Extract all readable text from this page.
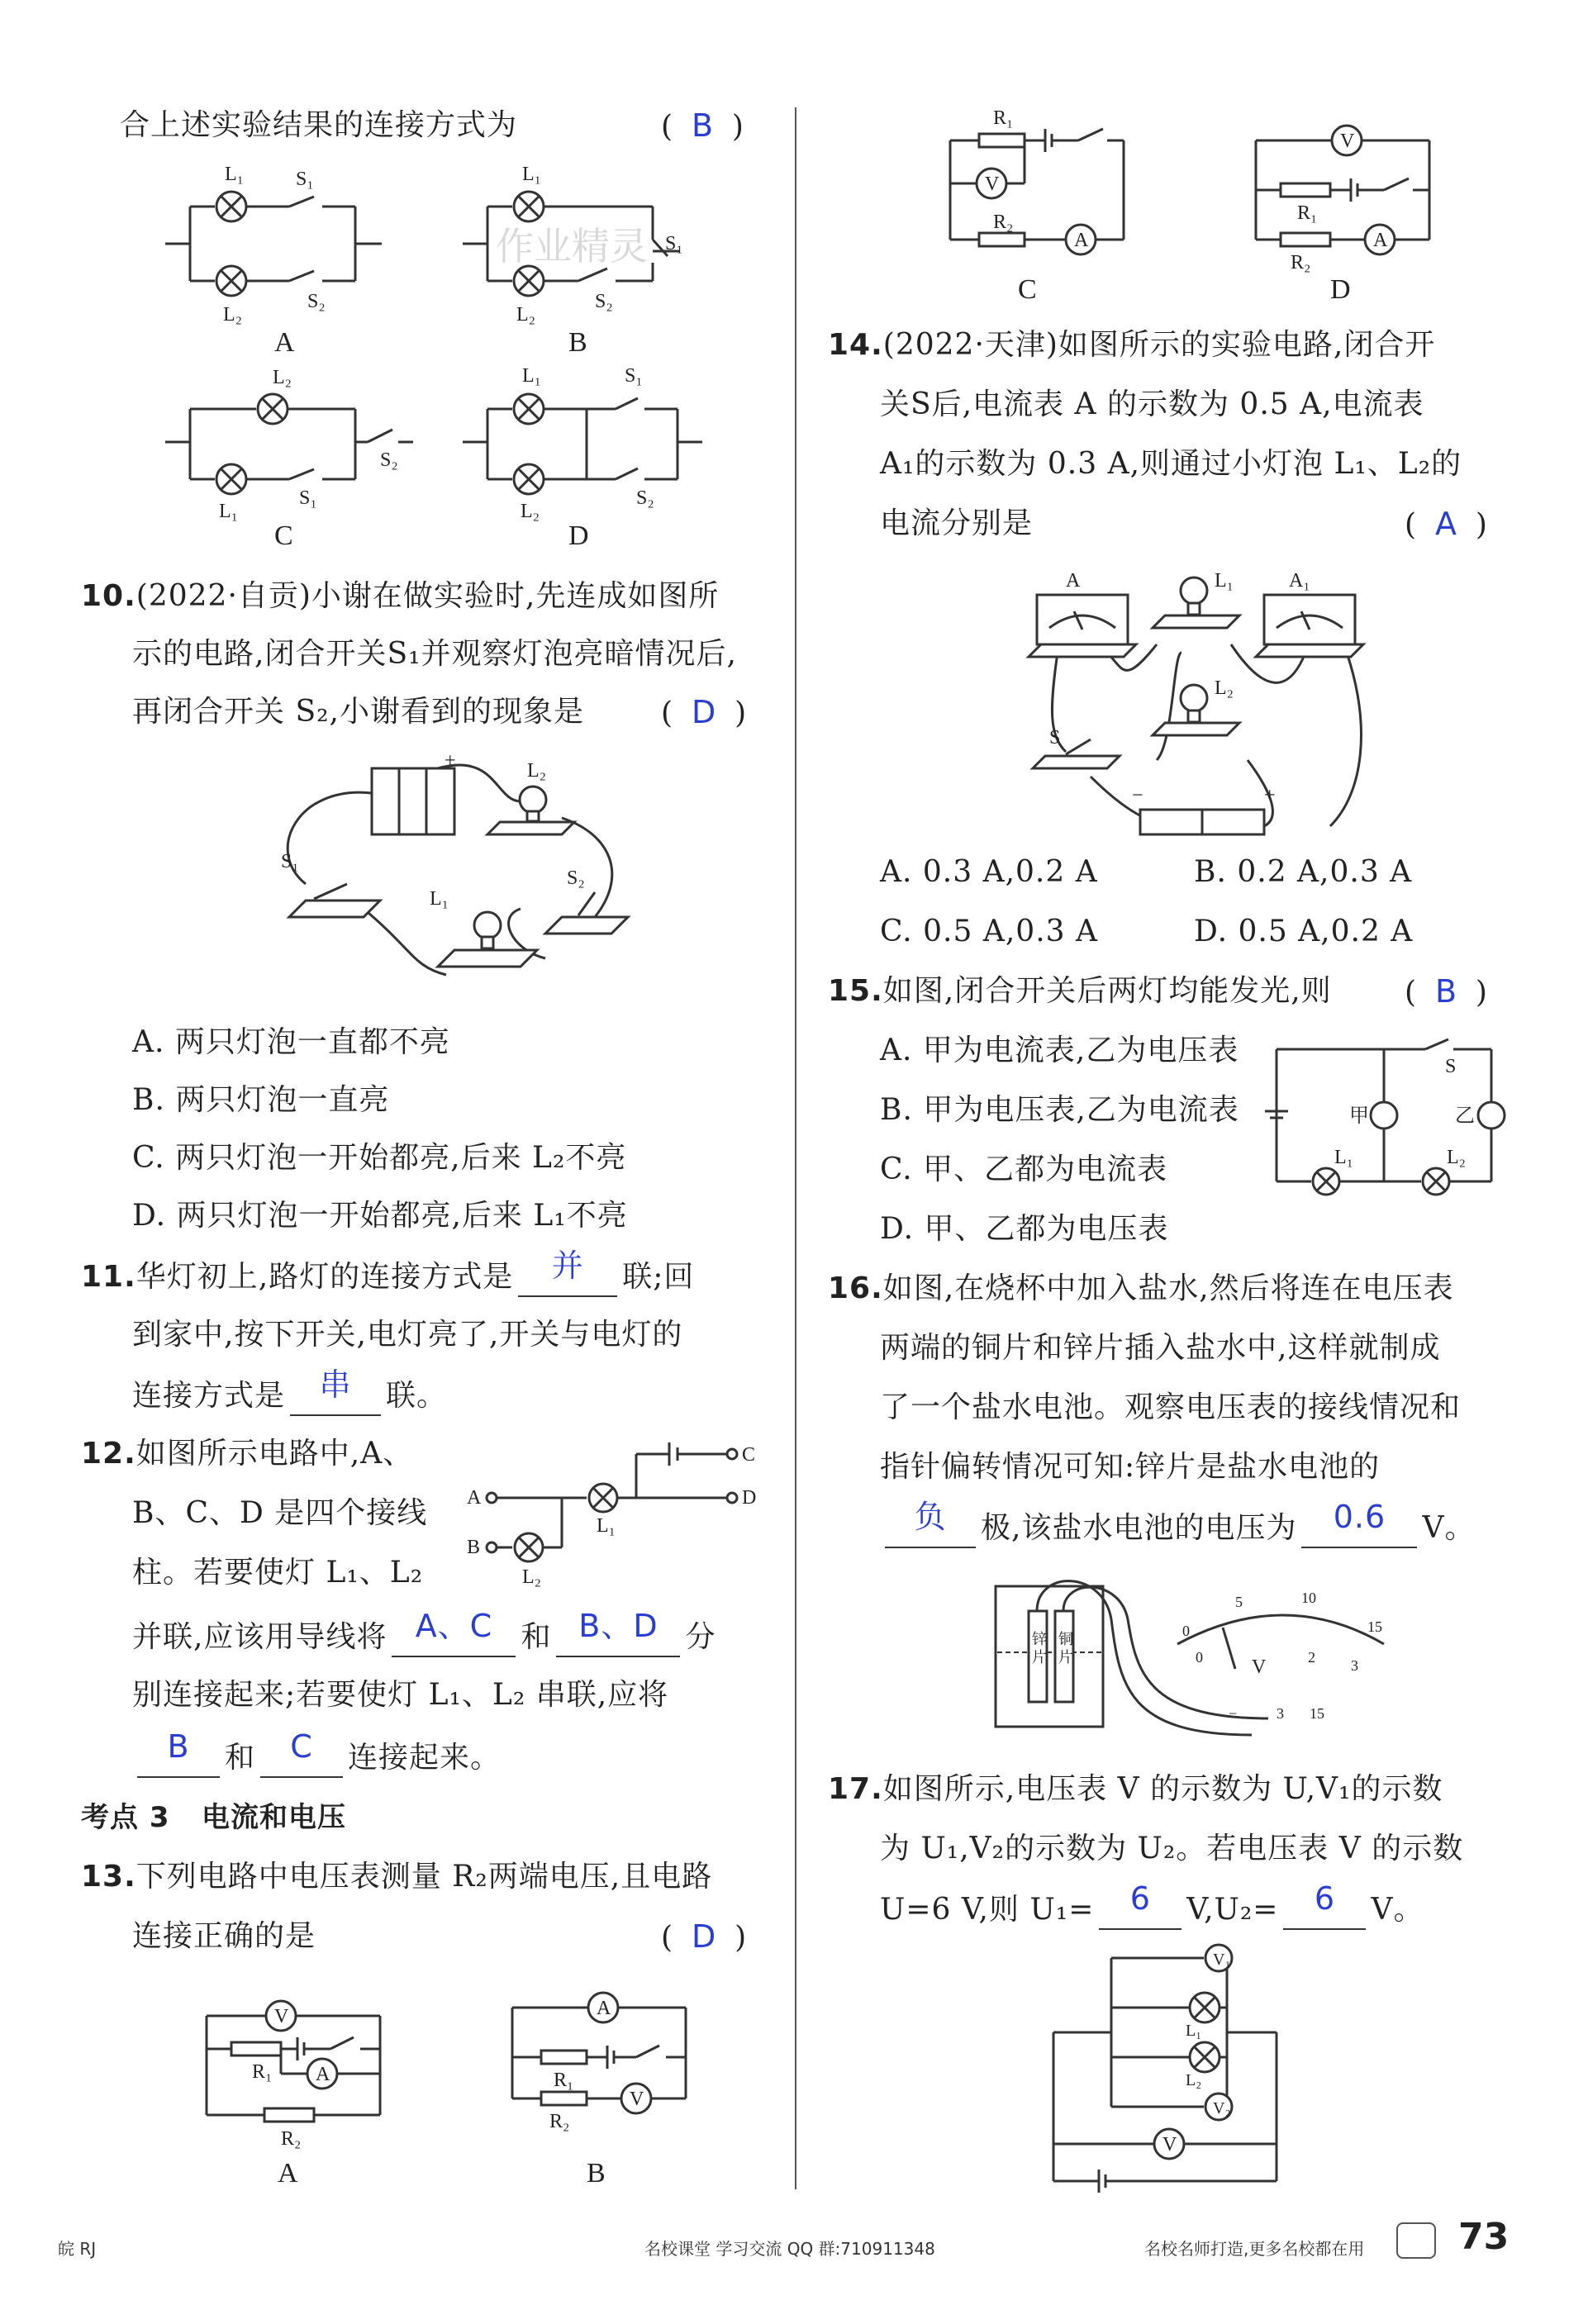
合上述实验结果的连接方式为	(  B  )
L₁	S₁
L₂
S₂
A
L₁
S₁
L₂
S₂
B
作业精灵
L₂
S₂
L₁
S₁
C
L₁	S₁
L₂
S₂
D
10.(2022·自贡)小谢在做实验时,先连成如图所
示的电路,闭合开关S₁并观察灯泡亮暗情况后,
再闭合开关 S₂,小谢看到的现象是	(  D  )
+	L₂
S₁
L₁
S₂
A. 两只灯泡一直都不亮
B. 两只灯泡一直亮
C. 两只灯泡一开始都亮,后来 L₂不亮
D. 两只灯泡一开始都亮,后来 L₁不亮
11.华灯初上,路灯的连接方式是 并 联;回
到家中,按下开关,电灯亮了,开关与电灯的
连接方式是 串 联。
12.如图所示电路中,A、
B、C、D 是四个接线
柱。若要使灯 L₁、L₂
并联,应该用导线将 A、C 和 B、D 分
别连接起来;若要使灯 L₁、L₂ 串联,应将
B 和 C 连接起来。
A
C
D
L₁
B
L₂
考点 3 电流和电压
13.下列电路中电压表测量 R₂两端电压,且电路
连接正确的是	(  D  )
V
R₁ A
R₂
A
A
R₁
V
R₂
B
R₁
V
A
R₂
C
V
R₁
A
R₂
D
14.(2022·天津)如图所示的实验电路,闭合开
关S后,电流表 A 的示数为 0.5 A,电流表
A₁的示数为 0.3 A,则通过小灯泡 L₁、L₂的
电流分别是	(  A  )
A	A₁
L₁
L₂
S
−	+
A. 0.3 A,0.2 A	B. 0.2 A,0.3 A
C. 0.5 A,0.3 A	D. 0.5 A,0.2 A
15.如图,闭合开关后两灯均能发光,则 (  B  )
A. 甲为电流表,乙为电压表
B. 甲为电压表,乙为电流表
C. 甲、乙都为电流表
D. 甲、乙都为电压表
S
甲	乙
L₁	L₂
16.如图,在烧杯中加入盐水,然后将连在电压表
两端的铜片和锌片插入盐水中,这样就制成
了一个盐水电池。观察电压表的接线情况和
指针偏转情况可知:锌片是盐水电池的
负 极,该盐水电池的电压为 0.6 V。
锌
片
铜
片
0
5	10
15
0	2 3
V
−	3 15
17.如图所示,电压表 V 的示数为 U,V₁的示数
为 U₁,V₂的示数为 U₂。若电压表 V 的示数
U=6 V,则 U₁= 6 V,U₂= 6 V。
V₁
L₁
L₂
V₂
V
皖 RJ	名校课堂 学习交流 QQ 群:710911348	名校名师打造,更多名校都在用	73
